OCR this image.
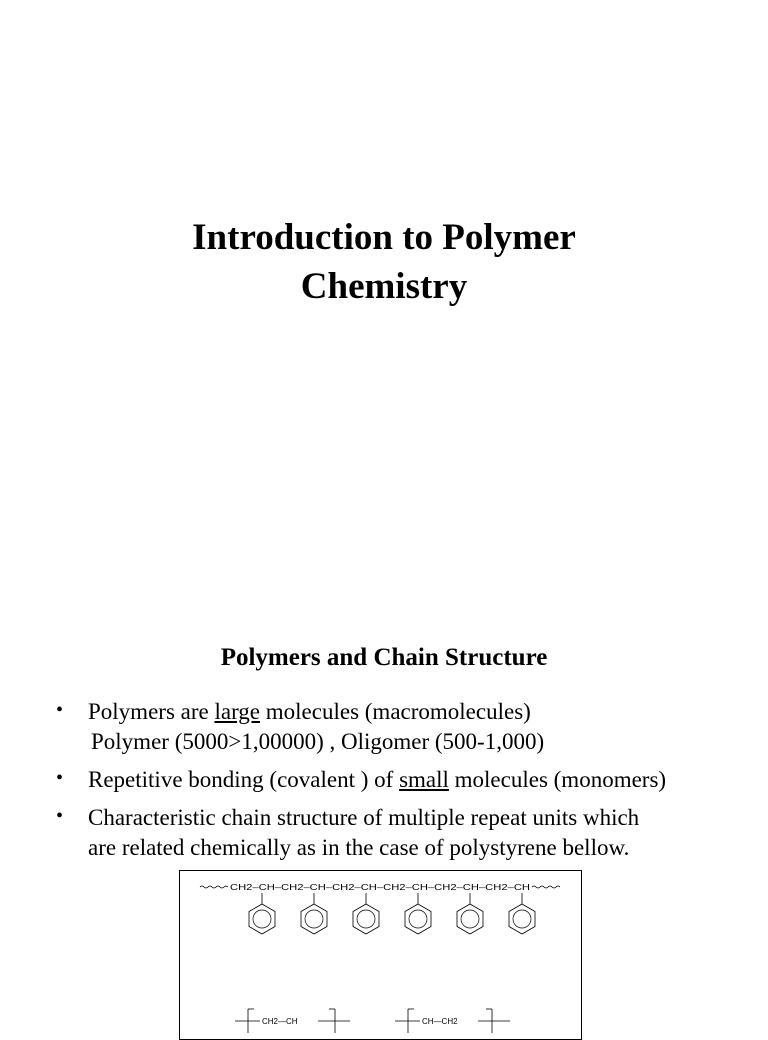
Introduction to Polymer
Chemistry
Polymers and Chain Structure
• Polymers are large molecules (macromolecules)
Polymer (5000>1,00000) , Oligomer (500-1,000)
• Repetitive bonding (covalent ) of small molecules (monomers)
• Characteristic chain structure of multiple repeat units which
are related chemically as in the case of polystyrene bellow.
CH2–CH–CH2–CH–CH2–CH–CH2–CH–CH2–CH–CH2–CH
CH2—CH	CH—CH2
